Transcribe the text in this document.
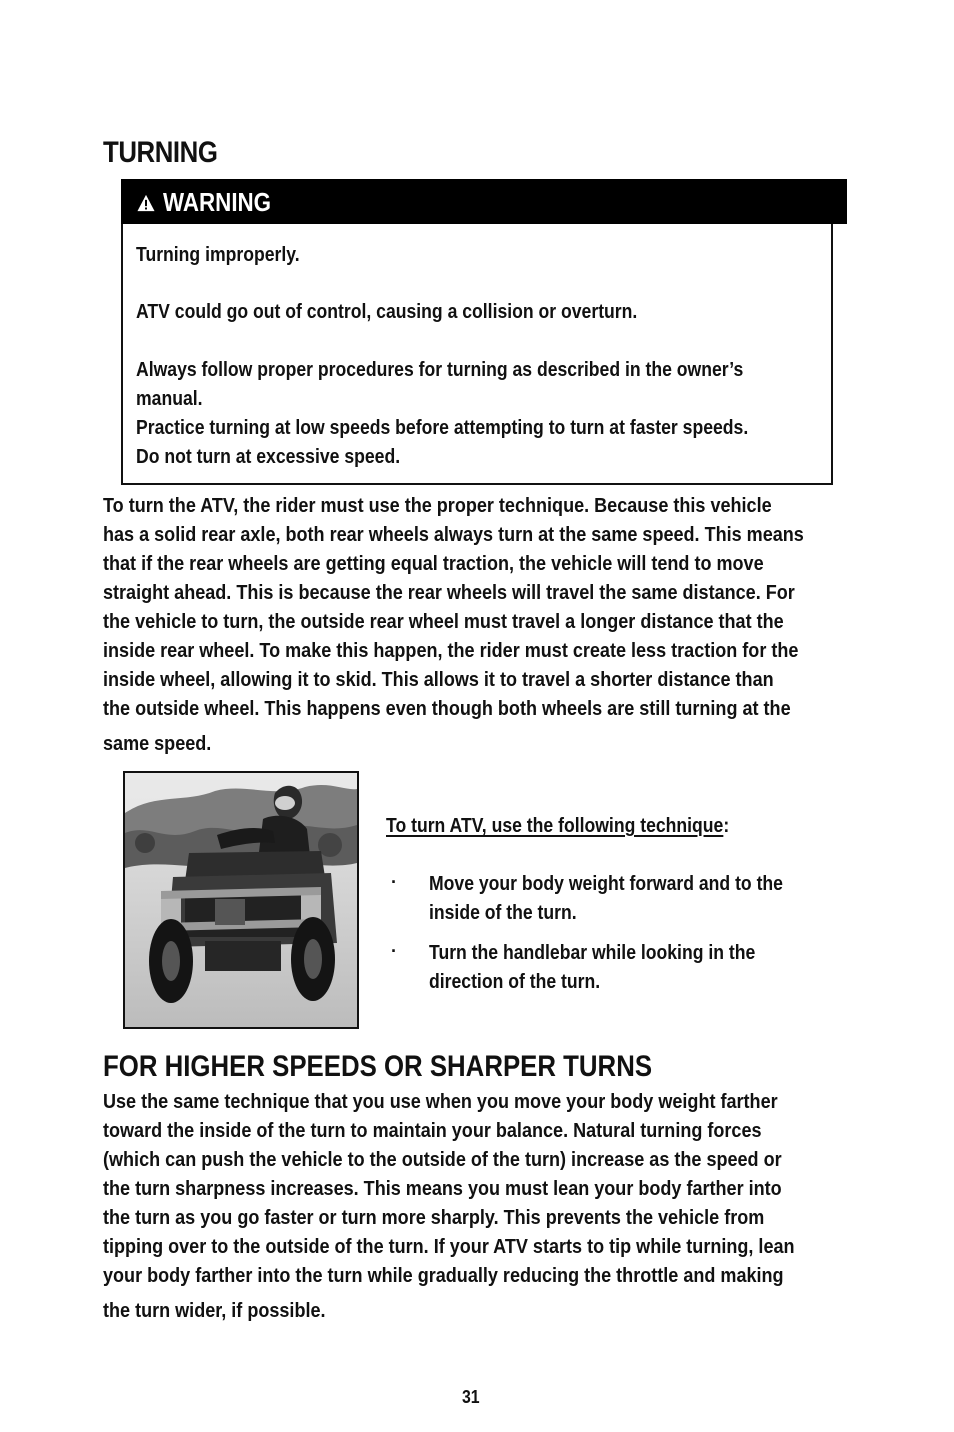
TURNING
WARNING
Turning improperly.
ATV could go out of control, causing a collision or overturn.
Always follow proper procedures for turning as described in the owner’s
manual.
Practice turning at low speeds before attempting to turn at faster speeds.
Do not turn at excessive speed.
To turn the ATV, the rider must use the proper technique. Because this vehicle
has a solid rear axle, both rear wheels always turn at the same speed. This means
that if the rear wheels are getting equal traction, the vehicle will tend to move
straight ahead. This is because the rear wheels will travel the same distance. For
the vehicle to turn, the outside rear wheel must travel a longer distance that the
inside rear wheel. To make this happen, the rider must create less traction for the
inside wheel, allowing it to skid. This allows it to travel a shorter distance than
the outside wheel. This happens even though both wheels are still turning at the
same speed.
To turn ATV, use the following technique:
· Move your body weight forward and to the
inside of the turn.
· Turn the handlebar while looking in the
direction of the turn.
FOR HIGHER SPEEDS OR SHARPER TURNS
Use the same technique that you use when you move your body weight farther
toward the inside of the turn to maintain your balance. Natural turning forces
(which can push the vehicle to the outside of the turn) increase as the speed or
the turn sharpness increases. This means you must lean your body farther into
the turn as you go faster or turn more sharply. This prevents the vehicle from
tipping over to the outside of the turn. If your ATV starts to tip while turning, lean
your body farther into the turn while gradually reducing the throttle and making
the turn wider, if possible.
31
